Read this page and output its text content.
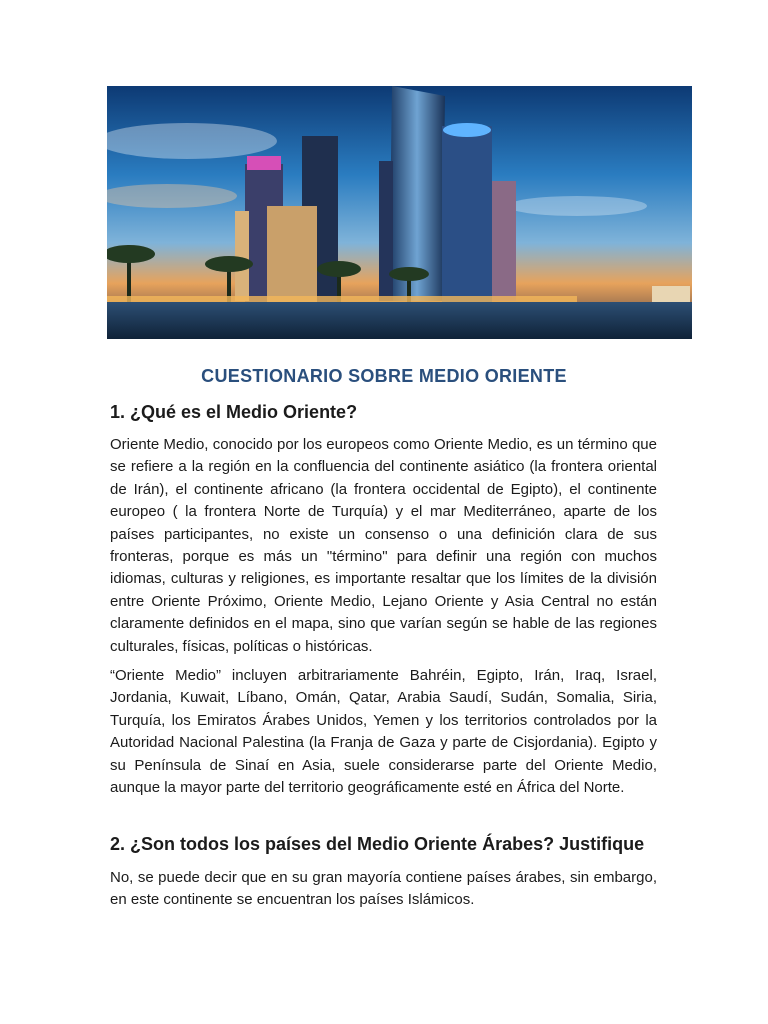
CUESTIONARIO SOBRE MEDIO ORIENTE
1. ¿Qué es el Medio Oriente?

Oriente Medio, conocido por los europeos como Oriente Medio, es un término que se refiere a la región en la confluencia del continente asiático (la frontera oriental de Irán), el continente africano (la frontera occidental de Egipto), el continente europeo ( la frontera Norte de Turquía) y el mar Mediterráneo, aparte de los países participantes, no existe un consenso o una definición clara de sus fronteras, porque es más un "término" para definir una región con muchos idiomas, culturas y religiones, es importante resaltar que los límites de la división entre Oriente Próximo, Oriente Medio, Lejano Oriente y Asia Central no están claramente definidos en el mapa, sino que varían según se hable de las regiones culturales, físicas, políticas o históricas.

“Oriente Medio” incluyen arbitrariamente Bahréin, Egipto, Irán, Iraq, Israel, Jordania, Kuwait, Líbano, Omán, Qatar, Arabia Saudí, Sudán, Somalia, Siria, Turquía, los Emiratos Árabes Unidos, Yemen y los territorios controlados por la Autoridad Nacional Palestina (la Franja de Gaza y parte de Cisjordania). Egipto y su Península de Sinaí en Asia, suele considerarse parte del Oriente Medio, aunque la mayor parte del territorio geográficamente esté en África del Norte.

2. ¿Son todos los países del Medio Oriente Árabes? Justifique

No, se puede decir que en su gran mayoría contiene países árabes, sin embargo, en este continente se encuentran los países Islámicos.
